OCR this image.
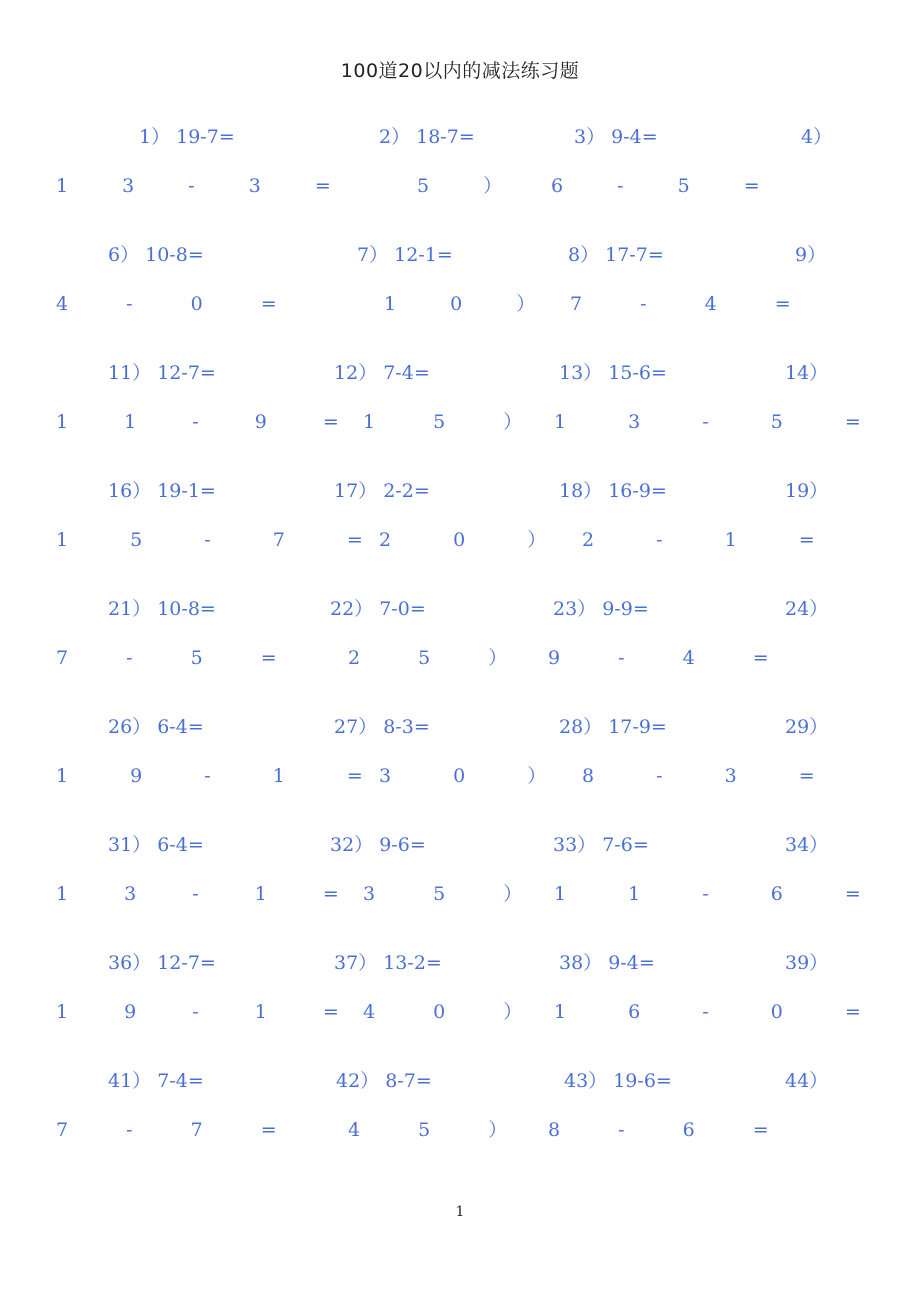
100道20以内的减法练习题
1） 19-7=	2） 18-7=	3） 9-4=	4）
1 3 - 3 =	5 ） 6 - 5 =
6） 10-8=	7） 12-1=	8） 17-7=	9）
4 - 0 =	1 0 ） 7 - 4 =
11） 12-7=	12） 7-4=	13） 15-6=	14）
1 1 - 9 = 1 5 ） 1 3 - 5 =
16） 19-1=	17） 2-2=	18） 16-9=	19）
1 5 - 7 =
2 0 ） 2 - 1 =
21） 10-8=	22） 7-0=	23） 9-9=	24）
7 - 5 = 2 5 ） 9 - 4 =
26） 6-4=	27） 8-3=	28） 17-9=	29）
1 9 - 1 =
3 0 ） 8 - 3 =
31） 6-4=	32） 9-6=	33） 7-6=	34）
1 3 - 1 = 3 5 ） 1 1 - 6 =
36） 12-7=	37） 13-2=	38） 9-4=	39）
1 9 - 1 = 4 0 ） 1 6 - 0 =
41） 7-4=	42） 8-7=	43） 19-6=	44）
7 - 7 = 4 5 ） 8 - 6 =
1
